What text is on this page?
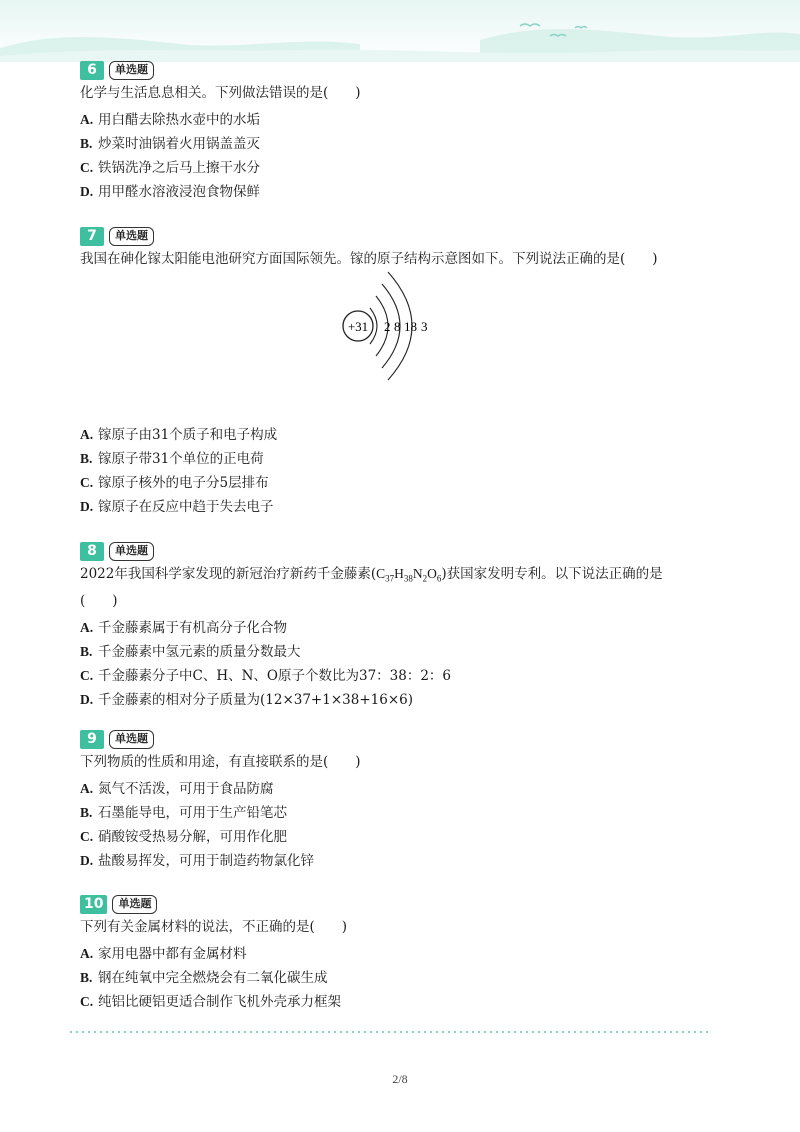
6	单选题
化学与生活息息相关。下列做法错误的是(　　)
A. 用白醋去除热水壶中的水垢
B. 炒菜时油锅着火用锅盖盖灭
C. 铁锅洗净之后马上擦干水分
D. 用甲醛水溶液浸泡食物保鲜
7	单选题
我国在砷化镓太阳能电池研究方面国际领先。镓的原子结构示意图如下。下列说法正确的是(　　)
+31 2 8 18 3
A. 镓原子由31个质子和电子构成
B. 镓原子带31个单位的正电荷
C. 镓原子核外的电子分5层排布
D. 镓原子在反应中趋于失去电子
8	单选题
2022年我国科学家发现的新冠治疗新药千金藤素$(C_{37}H_{38}N_2O_6)$获国家发明专利。以下说法正确的是
(　　)
A. 千金藤素属于有机高分子化合物
B. 千金藤素中氢元素的质量分数最大
C. 千金藤素分子中C、H、N、O原子个数比为37：38：2：6
D. 千金藤素的相对分子质量为(12×37+1×38+16×6)
9	单选题
下列物质的性质和用途，有直接联系的是(　　)
A. 氮气不活泼，可用于食品防腐
B. 石墨能导电，可用于生产铅笔芯
C. 硝酸铵受热易分解，可用作化肥
D. 盐酸易挥发，可用于制造药物氯化锌
10	单选题
下列有关金属材料的说法，不正确的是(　　)
A. 家用电器中都有金属材料
B. 钢在纯氧中完全燃烧会有二氧化碳生成
C. 纯铝比硬铝更适合制作飞机外壳承力框架
2/8
